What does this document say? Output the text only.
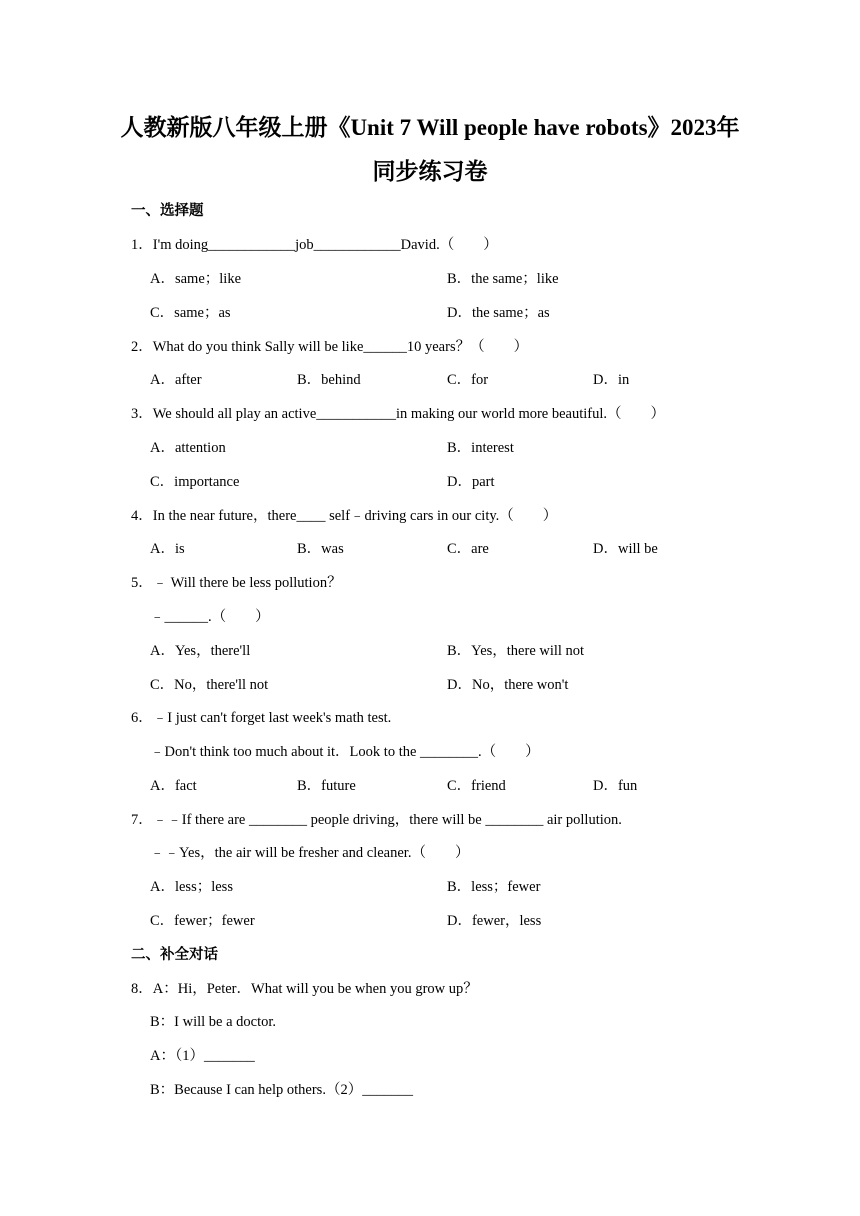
人教新版八年级上册《Unit 7 Will people have robots》2023年
同步练习卷
一、选择题
1．I'm doing____________job____________David.（　　）
A．same；like	B．the same；like
C．same；as	D．the same；as
2．What do you think Sally will be like______10 years？（　　）
A．after	B．behind	C．for	D．in
3．We should all play an active___________in making our world more beautiful.（　　）
A．attention	B．interest
C．importance	D．part
4．In the near future，there____ self﹣driving cars in our city.（　　）
A．is	B．was	C．are	D．will be
5．﹣ Will there be less pollution？
﹣______.（　　）
A．Yes，there'll	B．Yes，there will not
C．No，there'll not	D．No，there won't
6．﹣I just can't forget last week's math test.
﹣Don't think too much about it．Look to the ________.（　　）
A．fact	B．future	C．friend	D．fun
7．﹣﹣If there are ________ people driving，there will be ________ air pollution.
﹣﹣Yes，the air will be fresher and cleaner.（　　）
A．less；less	B．less；fewer
C．fewer；fewer	D．fewer，less
二、补全对话
8．A：Hi，Peter．What will you be when you grow up？
B：I will be a doctor.
A：（1）_______
B：Because I can help others.（2）_______
